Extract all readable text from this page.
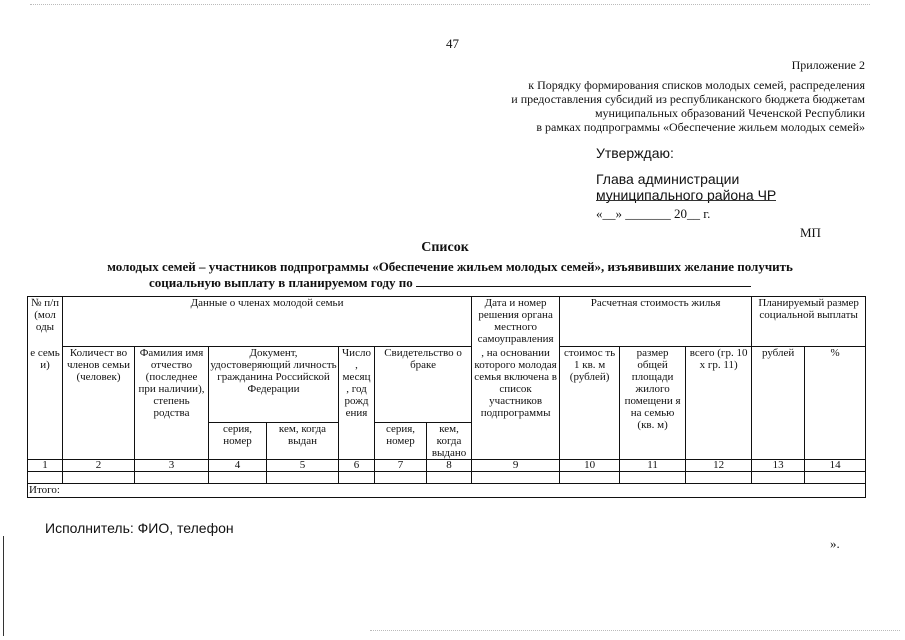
47
Приложение 2
к Порядку формирования списков молодых семей, распределения
и предоставления субсидий из республиканского бюджета бюджетам
муниципальных образований Чеченской Республики
в рамках подпрограммы «Обеспечение жильем молодых семей»
Утверждаю:
Глава администрации
муниципального района ЧР
«__» _______ 20__ г.
МП
Список
молодых семей – участников подпрограммы «Обеспечение жильем молодых семей», изъявивших желание получить
социальную выплату в планируемом году по
№ п/п (мол оды	Данные о членах молодой семьи							Дата и номер решения органа местного самоуправления	Расчетная стоимость жилья			Планируемый размер социальной выплаты	
е семь и)	Количест во членов семьи (человек)	Фамилия имя отчество (последнее при наличии), степень родства	Документ, удостоверяющий личность гражданина Российской Федерации		Число , месяц , год рожд ения	Свидетельство о браке		, на основании которого молодая семья включена в список участников подпрограммы	стоимос ть 1 кв. м (рублей)	размер общей площади жилого помещени я на семью (кв. м)	всего (гр. 10 х гр. 11)	рублей	%
			серия, номер	кем, когда выдан		серия, номер	кем, когда выдано						
1	2	3	4	5	6	7	8	9	10	11	12	13	14

Итого:													
Исполнитель: ФИО, телефон
».
